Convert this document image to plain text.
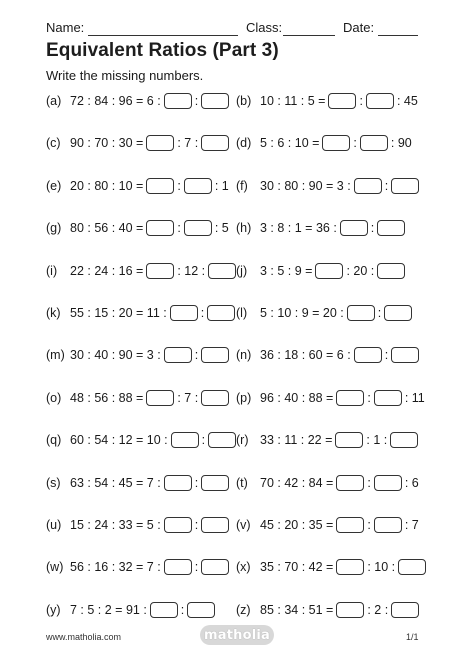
Name:	Class:	Date:
Equivalent Ratios (Part 3)
Write the missing numbers.
(a) 72 : 84 : 96 = 6 :	:	(b) 10 : 11 : 5 =	:	: 45
(c) 90 : 70 : 30 =	: 7 :	(d) 5 : 6 : 10 =	:	: 90
(e) 20 : 80 : 10 =	:	: 1 (f) 30 : 80 : 90 = 3 :	:
(g) 80 : 56 : 40 =	:	: 5 (h) 3 : 8 : 1 = 36 :	:
(i) 22 : 24 : 16 =	: 12 : (j) 3 : 5 : 9 =	: 20 :
(k) 55 : 15 : 20 = 11 :	:	(l) 5 : 10 : 9 = 20 :	:
(m) 30 : 40 : 90 = 3 :	:	(n) 36 : 18 : 60 = 6 :	:
(o) 48 : 56 : 88 =	: 7 :	(p) 96 : 40 : 88 =	:	: 11
(q) 60 : 54 : 12 = 10 :	: (r) 33 : 11 : 22 =	: 1 :
(s) 63 : 54 : 45 = 7 :	:	(t) 70 : 42 : 84 =	:	: 6
(u) 15 : 24 : 33 = 5 :	:	(v) 45 : 20 : 35 =	:	: 7
(w) 56 : 16 : 32 = 7 :	:	(x) 35 : 70 : 42 =	: 10 :
(y) 7 : 5 : 2 = 91 :	:	(z) 85 : 34 : 51 =	: 2 :
www.matholia.com	matholia	1/1
